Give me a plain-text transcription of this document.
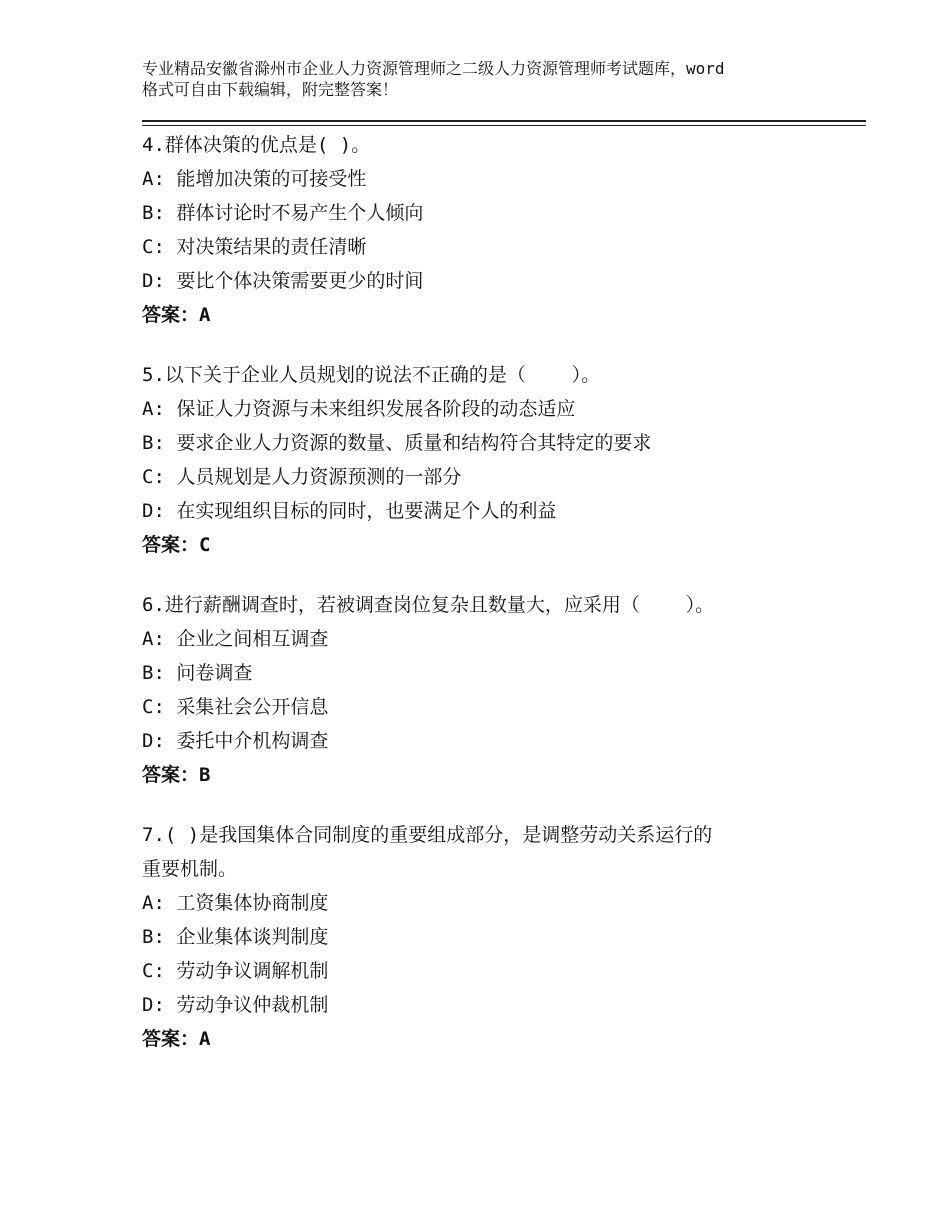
专业精品安徽省滁州市企业人力资源管理师之二级人力资源管理师考试题库，word
格式可自由下载编辑，附完整答案！
4.群体决策的优点是( )。
A: 能增加决策的可接受性
B: 群体讨论时不易产生个人倾向
C: 对决策结果的责任清晰
D: 要比个体决策需要更少的时间
答案：A
5.以下关于企业人员规划的说法不正确的是（    ）。
A: 保证人力资源与未来组织发展各阶段的动态适应
B: 要求企业人力资源的数量、质量和结构符合其特定的要求
C: 人员规划是人力资源预测的一部分
D: 在实现组织目标的同时，也要满足个人的利益
答案：C
6.进行薪酬调查时，若被调查岗位复杂且数量大，应采用（    ）。
A: 企业之间相互调查
B: 问卷调查
C: 采集社会公开信息
D: 委托中介机构调查
答案：B
7.( )是我国集体合同制度的重要组成部分，是调整劳动关系运行的
重要机制。
A: 工资集体协商制度
B: 企业集体谈判制度
C: 劳动争议调解机制
D: 劳动争议仲裁机制
答案：A
